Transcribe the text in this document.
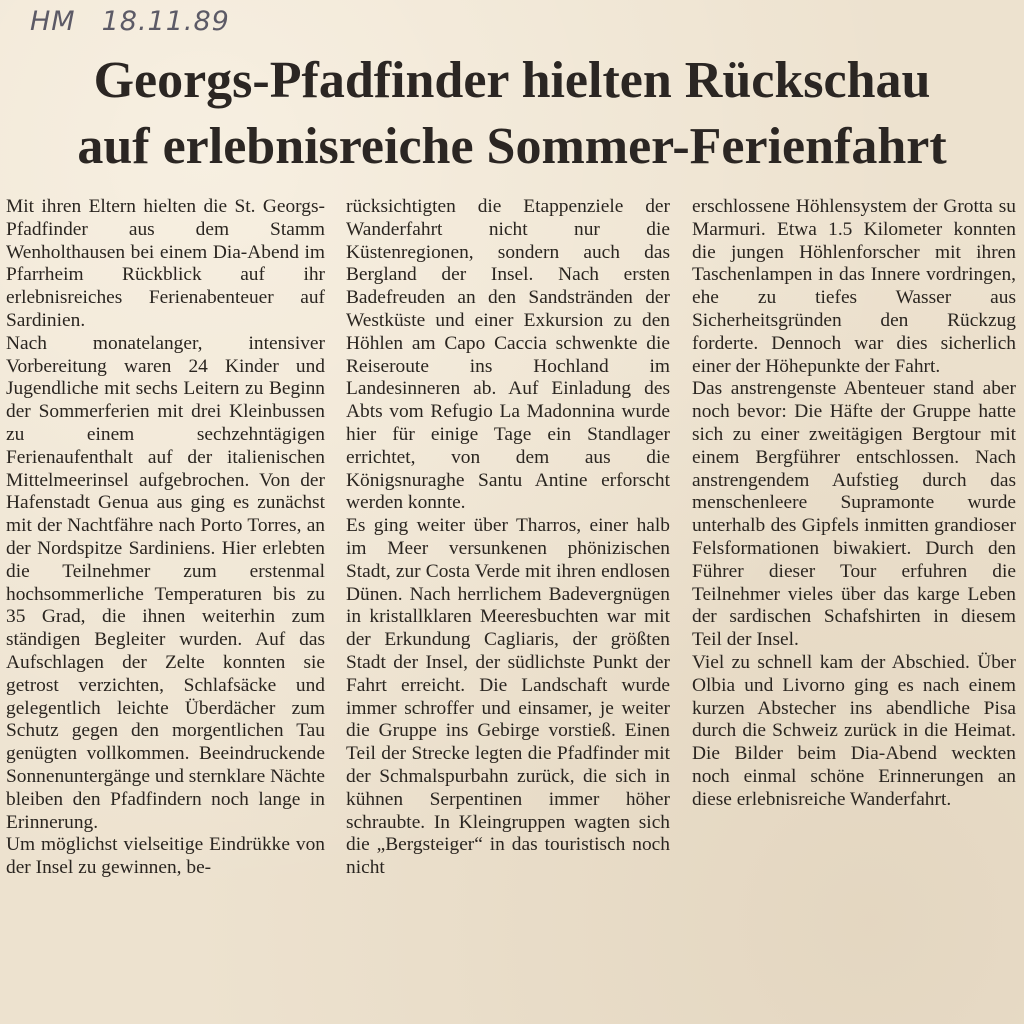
HM 18.11.89
Georgs-Pfadfinder hielten Rückschau
auf erlebnisreiche Sommer-Ferienfahrt

Mit ihren Eltern hielten die St. Georgs-Pfadfinder aus dem Stamm Wenholthausen bei einem Dia-Abend im Pfarrheim Rückblick auf ihr erlebnisreiches Ferienabenteuer auf Sardinien.

Nach monatelanger, intensiver Vorbereitung waren 24 Kinder und Jugendliche mit sechs Leitern zu Beginn der Sommerferien mit drei Kleinbussen zu einem sechzehntägigen Ferienaufenthalt auf der italienischen Mittelmeerinsel aufgebrochen. Von der Hafenstadt Genua aus ging es zunächst mit der Nachtfähre nach Porto Torres, an der Nordspitze Sardiniens. Hier erlebten die Teilnehmer zum erstenmal hochsommerliche Temperaturen bis zu 35 Grad, die ihnen weiterhin zum ständigen Begleiter wurden. Auf das Aufschlagen der Zelte konnten sie getrost verzichten, Schlafsäcke und gelegentlich leichte Überdächer zum Schutz gegen den morgentlichen Tau genügten vollkommen. Beeindruckende Sonnenuntergänge und sternklare Nächte bleiben den Pfadfindern noch lange in Erinnerung.

Um möglichst vielseitige Eindrükke von der Insel zu gewinnen, be-

rücksichtigten die Etappenziele der Wanderfahrt nicht nur die Küstenregionen, sondern auch das Bergland der Insel. Nach ersten Badefreuden an den Sandstränden der Westküste und einer Exkursion zu den Höhlen am Capo Caccia schwenkte die Reiseroute ins Hochland im Landesinneren ab. Auf Einladung des Abts vom Refugio La Madonnina wurde hier für einige Tage ein Standlager errichtet, von dem aus die Königsnuraghe Santu Antine erforscht werden konnte.

Es ging weiter über Tharros, einer halb im Meer versunkenen phönizischen Stadt, zur Costa Verde mit ihren endlosen Dünen. Nach herrlichem Badevergnügen in kristallklaren Meeresbuchten war mit der Erkundung Cagliaris, der größten Stadt der Insel, der südlichste Punkt der Fahrt erreicht. Die Landschaft wurde immer schroffer und einsamer, je weiter die Gruppe ins Gebirge vorstieß. Einen Teil der Strecke legten die Pfadfinder mit der Schmalspurbahn zurück, die sich in kühnen Serpentinen immer höher schraubte. In Kleingruppen wagten sich die „Bergsteiger“ in das touristisch noch nicht

erschlossene Höhlensystem der Grotta su Marmuri. Etwa 1.5 Kilometer konnten die jungen Höhlenforscher mit ihren Taschenlampen in das Innere vordringen, ehe zu tiefes Wasser aus Sicherheitsgründen den Rückzug forderte. Dennoch war dies sicherlich einer der Höhepunkte der Fahrt.

Das anstrengenste Abenteuer stand aber noch bevor: Die Häfte der Gruppe hatte sich zu einer zweitägigen Bergtour mit einem Bergführer entschlossen. Nach anstrengendem Aufstieg durch das menschenleere Supramonte wurde unterhalb des Gipfels inmitten grandioser Felsformationen biwakiert. Durch den Führer dieser Tour erfuhren die Teilnehmer vieles über das karge Leben der sardischen Schafshirten in diesem Teil der Insel.

Viel zu schnell kam der Abschied. Über Olbia und Livorno ging es nach einem kurzen Abstecher ins abendliche Pisa durch die Schweiz zurück in die Heimat. Die Bilder beim Dia-Abend weckten noch einmal schöne Erinnerungen an diese erlebnisreiche Wanderfahrt.
